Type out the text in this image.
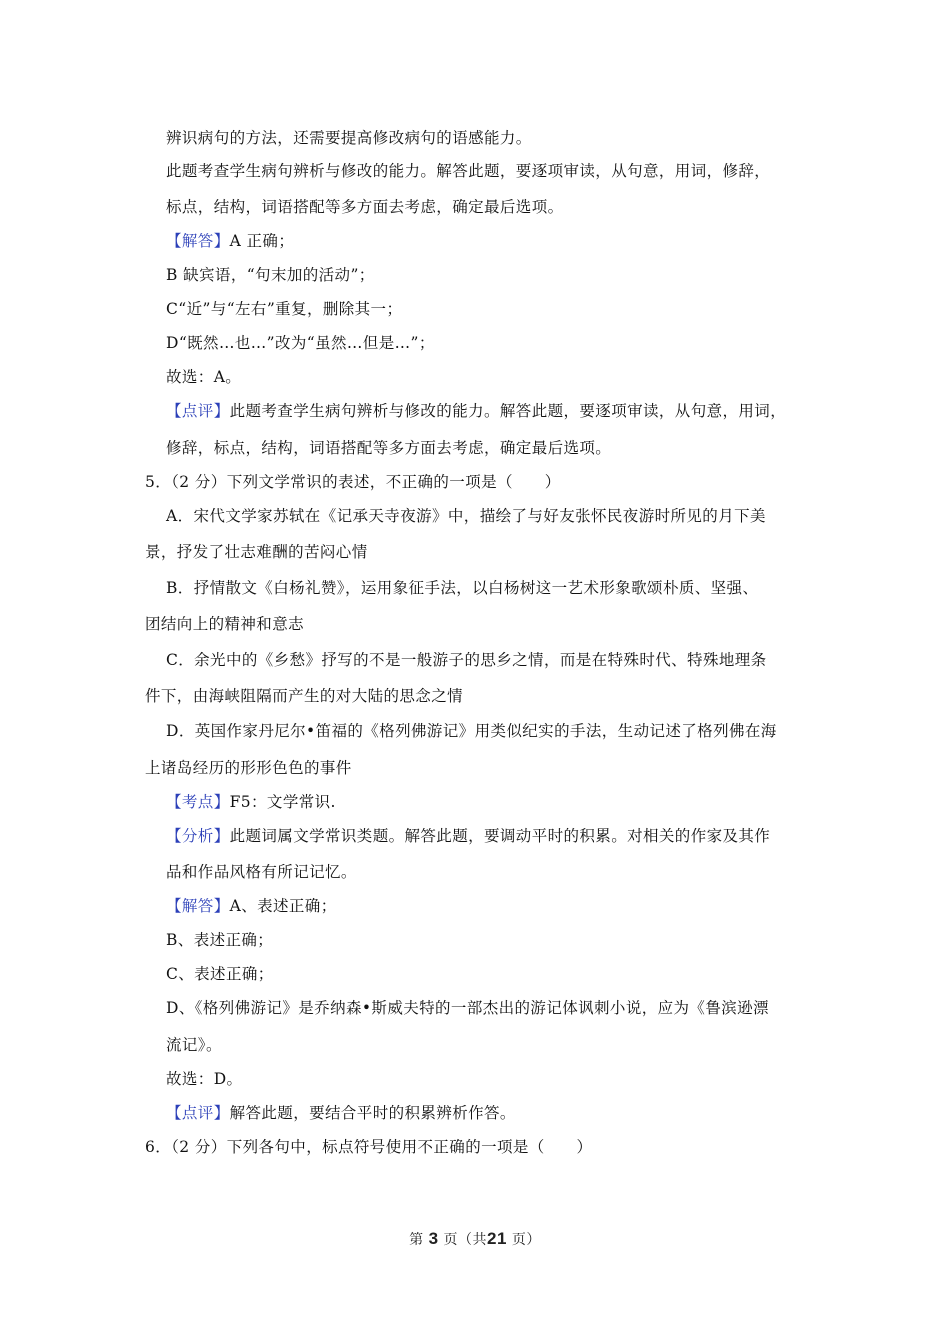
辨识病句的方法，还需要提高修改病句的语感能力。
此题考查学生病句辨析与修改的能力。解答此题，要逐项审读，从句意，用词，修辞，
标点，结构，词语搭配等多方面去考虑，确定最后选项。
【解答】A 正确；
B 缺宾语，“句末加的活动”；
C“近”与“左右”重复，删除其一；
D“既然…也…”改为“虽然…但是…”；
故选：A。
【点评】此题考查学生病句辨析与修改的能力。解答此题，要逐项审读，从句意，用词，
修辞，标点，结构，词语搭配等多方面去考虑，确定最后选项。
5．（2 分）下列文学常识的表述，不正确的一项是（　　）
A．宋代文学家苏轼在《记承天寺夜游》中，描绘了与好友张怀民夜游时所见的月下美
景，抒发了壮志难酬的苦闷心情
B．抒情散文《白杨礼赞》，运用象征手法，以白杨树这一艺术形象歌颂朴质、坚强、
团结向上的精神和意志
C．余光中的《乡愁》抒写的不是一般游子的思乡之情，而是在特殊时代、特殊地理条
件下，由海峡阻隔而产生的对大陆的思念之情
D．英国作家丹尼尔•笛福的《格列佛游记》用类似纪实的手法，生动记述了格列佛在海
上诸岛经历的形形色色的事件
【考点】F5：文学常识.
【分析】此题词属文学常识类题。解答此题，要调动平时的积累。对相关的作家及其作
品和作品风格有所记记忆。
【解答】A、表述正确；
B、表述正确；
C、表述正确；
D、《格列佛游记》是乔纳森•斯威夫特的一部杰出的游记体讽刺小说，应为《鲁滨逊漂
流记》。
故选：D。
【点评】解答此题，要结合平时的积累辨析作答。
6．（2 分）下列各句中，标点符号使用不正确的一项是（　　）
第 3 页（共21 页）
